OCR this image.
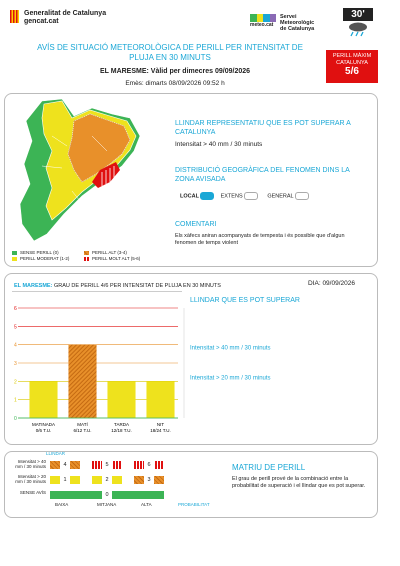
Generalitat de Catalunya
gencat.cat	meteo.cat
Servei
Meteorològic
de Catalunya
30'
AVÍS DE SITUACIÓ METEOROLÒGICA DE PERILL PER INTENSITAT DE PLUJA EN 30 MINUTS
EL MARESME: Vàlid per dimecres 09/09/2026
Emès: dimarts 08/09/2026 09:52 h
PERILL MÀXIM
CATALUNYA
5/6
SENSE PERILL (0)
PERILL MODERAT (1-2)
PERILL ALT (3-4)
PERILL MOLT ALT (5-6)
LLINDAR REPRESENTATIU QUE ES POT SUPERAR A CATALUNYA
Intensitat > 40 mm / 30 minuts
DISTRIBUCIÓ GEOGRÀFICA DEL FENOMEN DINS LA ZONA AVISADA
LOCAL	EXTENS	GENERAL
COMENTARI
Els xàfecs aniran acompanyats de tempesta i és possible que d'algun fenomen de temps violent
EL MARESME: GRAU DE PERILL 4/6 PER INTENSITAT DE PLUJA EN 30 MINUTS	DIA: 09/09/2026
LLINDAR QUE ES POT SUPERAR
0
1
2
3
4
5
6
MATINADA
0/6 T.U.
MATÍ
6/12 T.U.
TARDA
12/18 T.U.
NIT
18/24 T.U.
Intensitat > 40 mm / 30 minuts
Intensitat > 20 mm / 30 minuts
LLINDAR
Intensitat > 40 mm / 30 minuts
Intensitat > 20 mm / 30 minuts
SENSE AVÍS
4	5	6
1	2	3
0
BAIXA	MITJANA	ALTA	PROBABILITAT
MATRIU DE PERILL
El grau de perill prové de la combinació entre la probabilitat de superació i el llindar que es pot superar.
